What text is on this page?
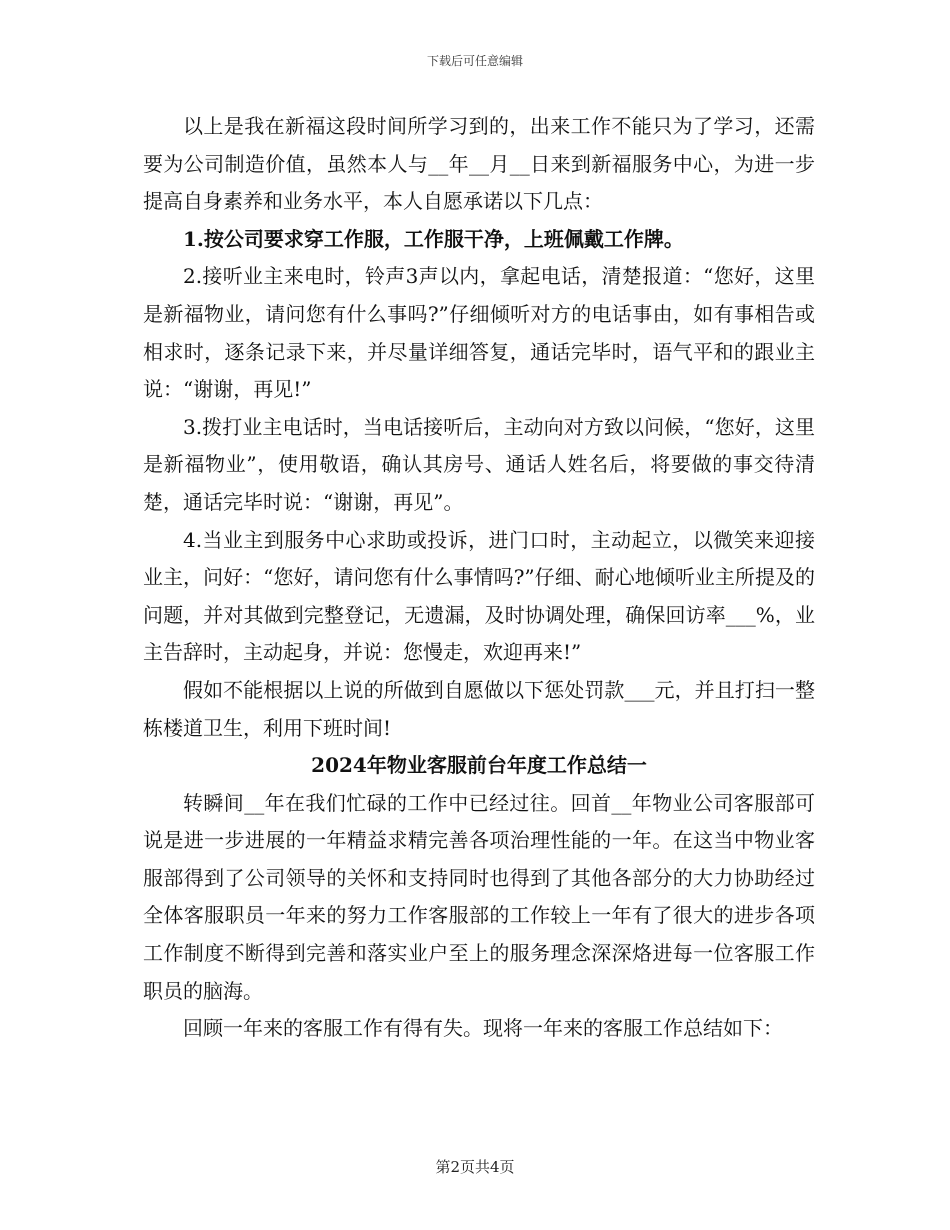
下载后可任意编辑

以上是我在新福这段时间所学习到的，出来工作不能只为了学习，还需要为公司制造价值，虽然本人与__年__月__日来到新福服务中心，为进一步提高自身素养和业务水平，本人自愿承诺以下几点：

1.按公司要求穿工作服，工作服干净，上班佩戴工作牌。

2.接听业主来电时，铃声3声以内，拿起电话，清楚报道：“您好，这里是新福物业，请问您有什么事吗?”仔细倾听对方的电话事由，如有事相告或相求时，逐条记录下来，并尽量详细答复，通话完毕时，语气平和的跟业主说：“谢谢，再见!”

3.拨打业主电话时，当电话接听后，主动向对方致以问候，“您好，这里是新福物业”，使用敬语，确认其房号、通话人姓名后，将要做的事交待清楚，通话完毕时说：“谢谢，再见”。

4.当业主到服务中心求助或投诉，进门口时，主动起立，以微笑来迎接业主，问好：“您好，请问您有什么事情吗?”仔细、耐心地倾听业主所提及的问题，并对其做到完整登记，无遗漏，及时协调处理，确保回访率___%，业主告辞时，主动起身，并说：您慢走，欢迎再来!”

假如不能根据以上说的所做到自愿做以下惩处罚款___元，并且打扫一整栋楼道卫生，利用下班时间!

2024年物业客服前台年度工作总结一

转瞬间__年在我们忙碌的工作中已经过往。回首__年物业公司客服部可说是进一步进展的一年精益求精完善各项治理性能的一年。在这当中物业客服部得到了公司领导的关怀和支持同时也得到了其他各部分的大力协助经过全体客服职员一年来的努力工作客服部的工作较上一年有了很大的进步各项工作制度不断得到完善和落实业户至上的服务理念深深烙进每一位客服工作职员的脑海。

回顾一年来的客服工作有得有失。现将一年来的客服工作总结如下：

第2页共4页
